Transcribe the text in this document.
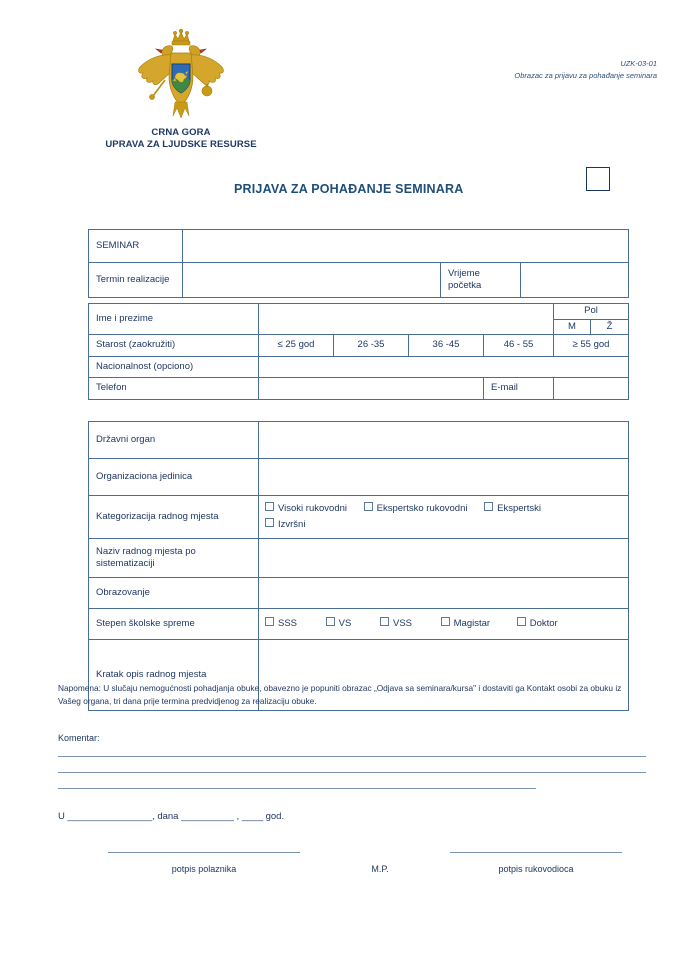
CRNA GORA
UPRAVA ZA LJUDSKE RESURSE
UZK-03-01
Obrazac za prijavu za pohađanje seminara
PRIJAVA ZA POHAĐANJE SEMINARA
SEMINAR			
Termin realizacije		Vrijeme početka	
Ime i prezime					Pol	
					M	Ž
Starost (zaokružiti)	≤ 25 god	26 -35	36 -45	46 - 55	≥ 55 god	
Nacionalnost (opciono)						
Telefon				E-mail		
Državni organ	
Organizaciona jedinica	
Kategorizacija radnog mjesta	Visoki rukovodni Ekspertsko rukovodni Ekspertski
Izvršni

Naziv radnog mjesta po sistematizaciji	
Obrazovanje	
Stepen školske spreme	SSS VS VSS Magistar Doktor
Kratak opis radnog mjesta	
Napomena: U slučaju nemogućnosti pohadjanja obuke, obavezno je popuniti obrazac „Odjava sa seminara/kursa" i dostaviti ga Kontakt osobi za obuku iz Vašeg organa, tri dana prije termina predvidjenog za realizaciju obuke.
Komentar:
U ________________, dana __________ , ____ god.
potpis polaznika	M.P.	potpis rukovodioca
